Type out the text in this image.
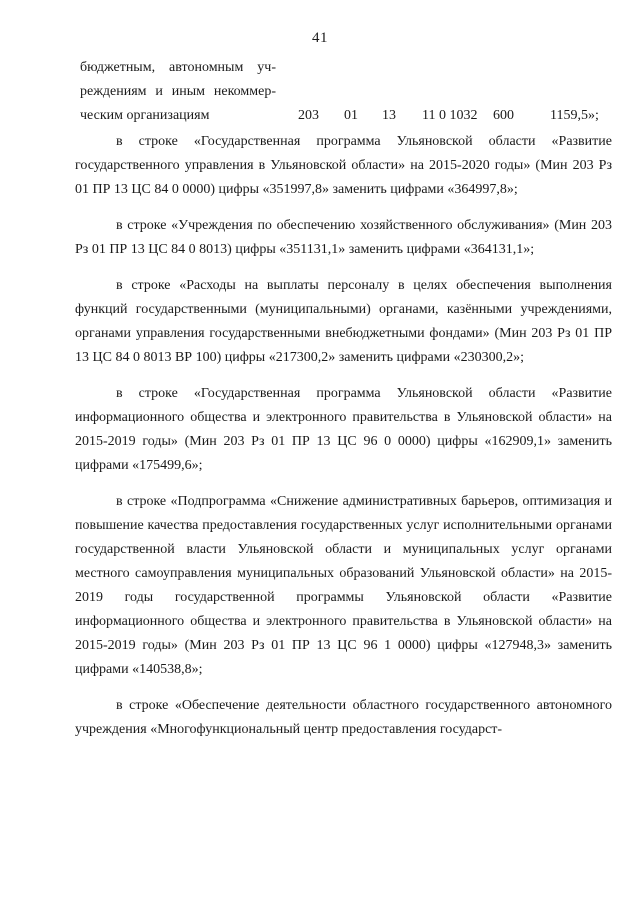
41
бюджетным, автономным уч-
реждениям и иным некоммер-
ческим организациям	203 01 13 11 0 1032 600	1159,5»;

в строке «Государственная программа Ульяновской области «Развитие государственного управления в Ульяновской области» на 2015-2020 годы» (Мин 203 Рз 01 ПР 13 ЦС 84 0 0000) цифры «351997,8» заменить цифрами «364997,8»;

в строке «Учреждения по обеспечению хозяйственного обслуживания» (Мин 203 Рз 01 ПР 13 ЦС 84 0 8013) цифры «351131,1» заменить цифрами «364131,1»;

в строке «Расходы на выплаты персоналу в целях обеспечения выполнения функций государственными (муниципальными) органами, казёнными учреждениями, органами управления государственными внебюджетными фондами» (Мин 203 Рз 01 ПР 13 ЦС 84 0 8013 ВР 100) цифры «217300,2» заменить цифрами «230300,2»;

в строке «Государственная программа Ульяновской области «Развитие информационного общества и электронного правительства в Ульяновской области» на 2015-2019 годы» (Мин 203 Рз 01 ПР 13 ЦС 96 0 0000) цифры «162909,1» заменить цифрами «175499,6»;

в строке «Подпрограмма «Снижение административных барьеров, оптимизация и повышение качества предоставления государственных услуг исполнительными органами государственной власти Ульяновской области и муниципальных услуг органами местного самоуправления муниципальных образований Ульяновской области» на 2015-2019 годы государственной программы Ульяновской области «Развитие информационного общества и электронного правительства в Ульяновской области» на 2015-2019 годы» (Мин 203 Рз 01 ПР 13 ЦС 96 1 0000) цифры «127948,3» заменить цифрами «140538,8»;

в строке «Обеспечение деятельности областного государственного автономного учреждения «Многофункциональный центр предоставления государст-
